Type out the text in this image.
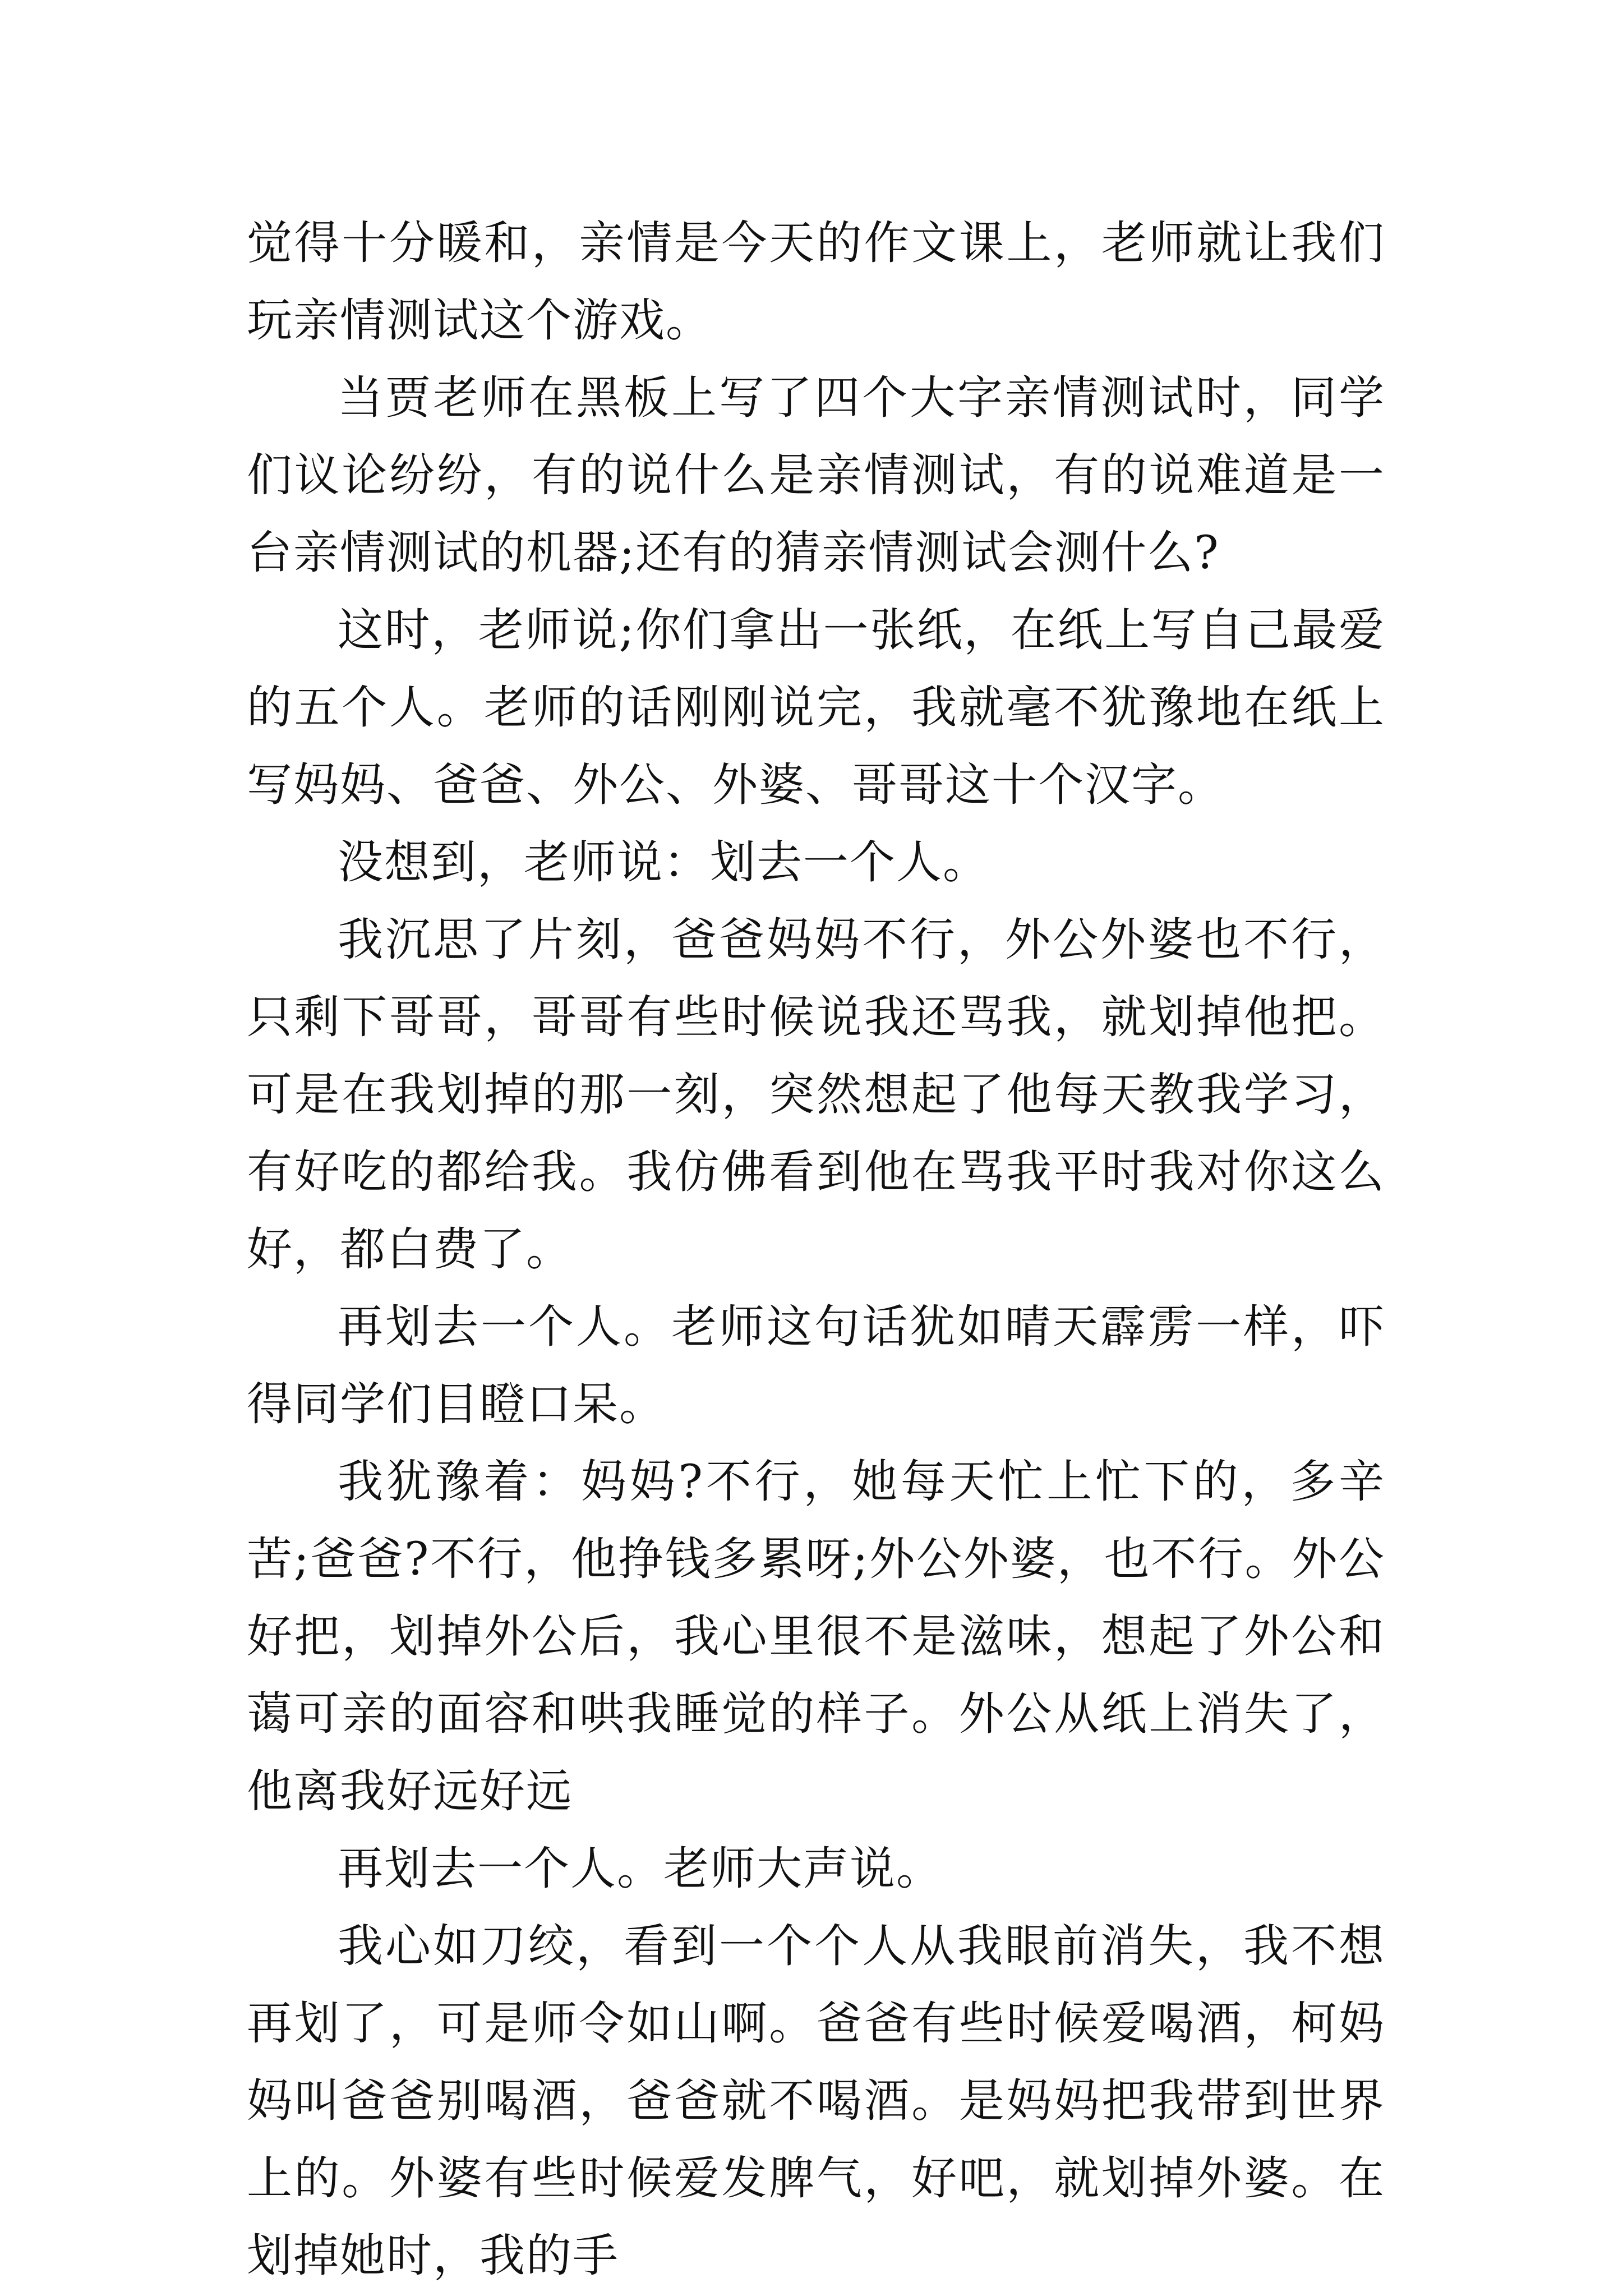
觉得十分暖和，亲情是今天的作文课上，老师就让我们玩亲情测试这个游戏。

当贾老师在黑板上写了四个大字亲情测试时，同学们议论纷纷，有的说什么是亲情测试，有的说难道是一台亲情测试的机器;还有的猜亲情测试会测什么?

这时，老师说;你们拿出一张纸，在纸上写自己最爱的五个人。老师的话刚刚说完，我就毫不犹豫地在纸上写妈妈、爸爸、外公、外婆、哥哥这十个汉字。

没想到，老师说：划去一个人。

我沉思了片刻，爸爸妈妈不行，外公外婆也不行，只剩下哥哥，哥哥有些时候说我还骂我，就划掉他把。可是在我划掉的那一刻，突然想起了他每天教我学习，有好吃的都给我。我仿佛看到他在骂我平时我对你这么好，都白费了。

再划去一个人。老师这句话犹如晴天霹雳一样，吓得同学们目瞪口呆。

我犹豫着：妈妈?不行，她每天忙上忙下的，多辛苦;爸爸?不行，他挣钱多累呀;外公外婆，也不行。外公好把，划掉外公后，我心里很不是滋味，想起了外公和蔼可亲的面容和哄我睡觉的样子。外公从纸上消失了，他离我好远好远

再划去一个人。老师大声说。

我心如刀绞，看到一个个人从我眼前消失，我不想再划了，可是师令如山啊。爸爸有些时候爱喝酒，柯妈妈叫爸爸别喝酒，爸爸就不喝酒。是妈妈把我带到世界上的。外婆有些时候爱发脾气，好吧，就划掉外婆。在划掉她时，我的手
